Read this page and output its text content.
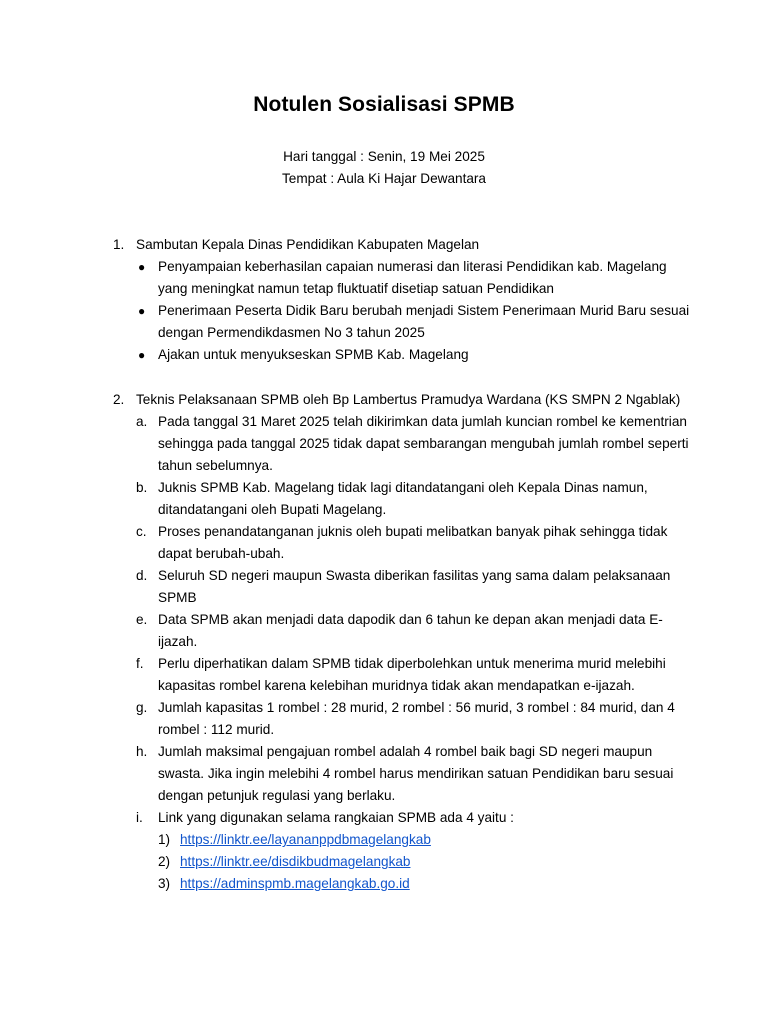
Notulen Sosialisasi SPMB
Hari tanggal : Senin, 19 Mei 2025
Tempat : Aula Ki Hajar Dewantara
1. Sambutan Kepala Dinas Pendidikan Kabupaten Magelan
● Penyampaian keberhasilan capaian numerasi dan literasi Pendidikan kab. Magelang yang meningkat namun tetap fluktuatif disetiap satuan Pendidikan
● Penerimaan Peserta Didik Baru berubah menjadi Sistem Penerimaan Murid Baru sesuai dengan Permendikdasmen No 3 tahun 2025
● Ajakan untuk menyukseskan SPMB Kab. Magelang
2. Teknis Pelaksanaan SPMB oleh Bp Lambertus Pramudya Wardana (KS SMPN 2 Ngablak)
a. Pada tanggal 31 Maret 2025 telah dikirimkan data jumlah kuncian rombel ke kementrian sehingga pada tanggal 2025 tidak dapat sembarangan mengubah jumlah rombel seperti tahun sebelumnya.
b. Juknis SPMB Kab. Magelang tidak lagi ditandatangani oleh Kepala Dinas namun, ditandatangani oleh Bupati Magelang.
c. Proses penandatanganan juknis oleh bupati melibatkan banyak pihak sehingga tidak dapat berubah-ubah.
d. Seluruh SD negeri maupun Swasta diberikan fasilitas yang sama dalam pelaksanaan SPMB
e. Data SPMB akan menjadi data dapodik dan 6 tahun ke depan akan menjadi data E-ijazah.
f. Perlu diperhatikan dalam SPMB tidak diperbolehkan untuk menerima murid melebihi kapasitas rombel karena kelebihan muridnya tidak akan mendapatkan e-ijazah.
g. Jumlah kapasitas 1 rombel : 28 murid, 2 rombel : 56 murid, 3 rombel : 84 murid, dan 4 rombel : 112 murid.
h. Jumlah maksimal pengajuan rombel adalah 4 rombel baik bagi SD negeri maupun swasta. Jika ingin melebihi 4 rombel harus mendirikan satuan Pendidikan baru sesuai dengan petunjuk regulasi yang berlaku.
i. Link yang digunakan selama rangkaian SPMB ada 4 yaitu :
1) https://linktr.ee/layananppdbmagelangkab
2) https://linktr.ee/disdikbudmagelangkab
3) https://adminspmb.magelangkab.go.id
